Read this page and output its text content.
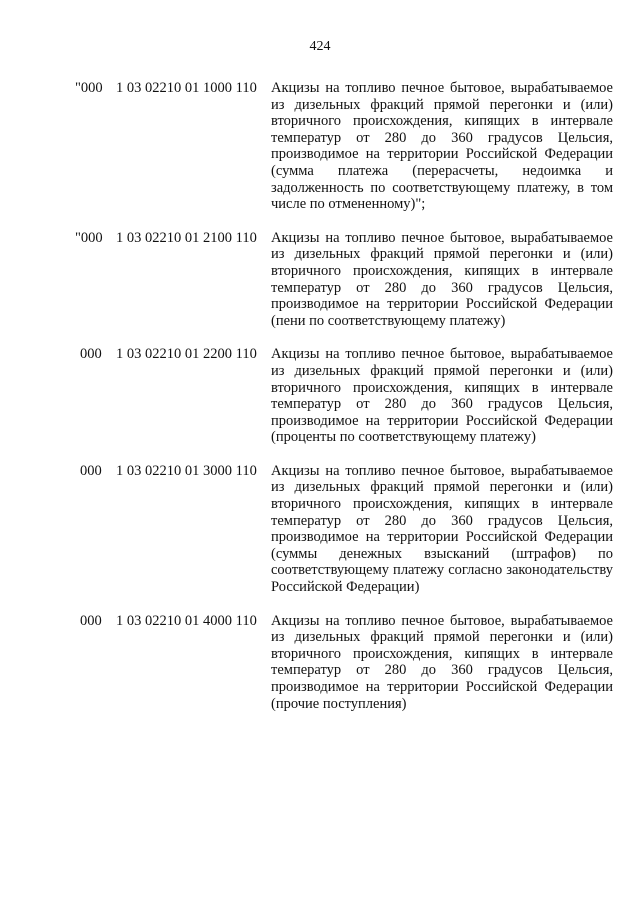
424
"000 1 03 02210 01 1000 110 Акцизы на топливо печное бытовое, вырабатываемое из дизельных фракций прямой перегонки и (или) вторичного происхождения, кипящих в интервале температур от 280 до 360 градусов Цельсия, производимое на территории Российской Федерации (сумма платежа (перерасчеты, недоимка и задолженность по соответствующему платежу, в том числе по отмененному)";
"000 1 03 02210 01 2100 110 Акцизы на топливо печное бытовое, вырабатываемое из дизельных фракций прямой перегонки и (или) вторичного происхождения, кипящих в интервале температур от 280 до 360 градусов Цельсия, производимое на территории Российской Федерации (пени по соответствующему платежу)
000 1 03 02210 01 2200 110 Акцизы на топливо печное бытовое, вырабатываемое из дизельных фракций прямой перегонки и (или) вторичного происхождения, кипящих в интервале температур от 280 до 360 градусов Цельсия, производимое на территории Российской Федерации (проценты по соответствующему платежу)
000 1 03 02210 01 3000 110 Акцизы на топливо печное бытовое, вырабатываемое из дизельных фракций прямой перегонки и (или) вторичного происхождения, кипящих в интервале температур от 280 до 360 градусов Цельсия, производимое на территории Российской Федерации (суммы денежных взысканий (штрафов) по соответствующему платежу согласно законодательству Российской Федерации)
000 1 03 02210 01 4000 110 Акцизы на топливо печное бытовое, вырабатываемое из дизельных фракций прямой перегонки и (или) вторичного происхождения, кипящих в интервале температур от 280 до 360 градусов Цельсия, производимое на территории Российской Федерации (прочие поступления)
